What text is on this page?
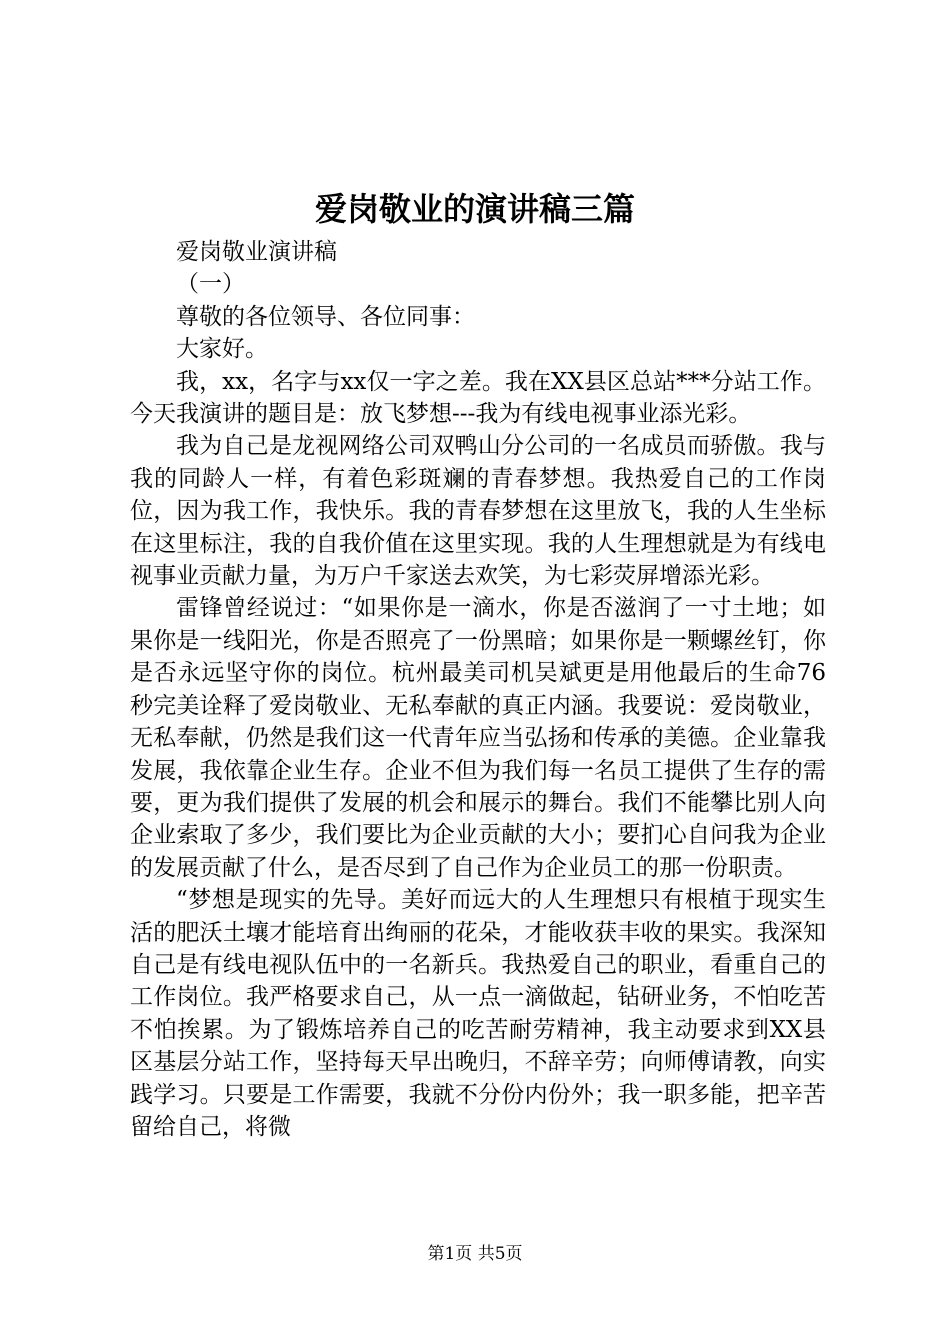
爱岗敬业的演讲稿三篇

爱岗敬业演讲稿

（一）

尊敬的各位领导、各位同事：

大家好。

我，xx，名字与xx仅一字之差。我在XX县区总站***分站工作。今天我演讲的题目是：放飞梦想---我为有线电视事业添光彩。

我为自己是龙视网络公司双鸭山分公司的一名成员而骄傲。我与我的同龄人一样，有着色彩斑斓的青春梦想。我热爱自己的工作岗位，因为我工作，我快乐。我的青春梦想在这里放飞，我的人生坐标在这里标注，我的自我价值在这里实现。我的人生理想就是为有线电视事业贡献力量，为万户千家送去欢笑，为七彩荧屏增添光彩。

雷锋曾经说过：“如果你是一滴水，你是否滋润了一寸土地；如果你是一线阳光，你是否照亮了一份黑暗；如果你是一颗螺丝钉，你是否永远坚守你的岗位。杭州最美司机吴斌更是用他最后的生命76秒完美诠释了爱岗敬业、无私奉献的真正内涵。我要说：爱岗敬业，无私奉献，仍然是我们这一代青年应当弘扬和传承的美德。企业靠我发展，我依靠企业生存。企业不但为我们每一名员工提供了生存的需要，更为我们提供了发展的机会和展示的舞台。我们不能攀比别人向企业索取了多少，我们要比为企业贡献的大小；要扪心自问我为企业的发展贡献了什么，是否尽到了自己作为企业员工的那一份职责。

“梦想是现实的先导。美好而远大的人生理想只有根植于现实生活的肥沃土壤才能培育出绚丽的花朵，才能收获丰收的果实。我深知自己是有线电视队伍中的一名新兵。我热爱自己的职业，看重自己的工作岗位。我严格要求自己，从一点一滴做起，钻研业务，不怕吃苦不怕挨累。为了锻炼培养自己的吃苦耐劳精神，我主动要求到XX县区基层分站工作，坚持每天早出晚归，不辞辛劳；向师傅请教，向实践学习。只要是工作需要，我就不分份内份外；我一职多能，把辛苦留给自己，将微

第1页 共5页
